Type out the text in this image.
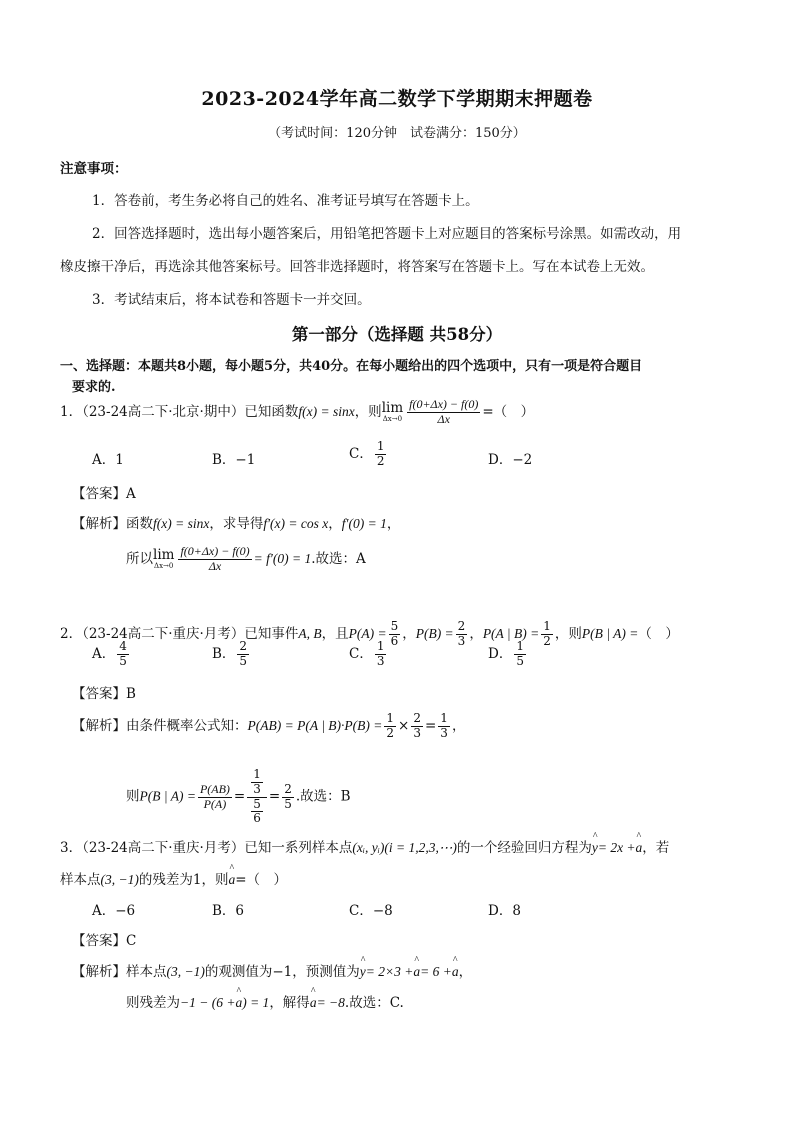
2023-2024学年高二数学下学期期末押题卷
（考试时间：120分钟　试卷满分：150分）
注意事项：
1．答卷前，考生务必将自己的姓名、准考证号填写在答题卡上。
2．回答选择题时，选出每小题答案后，用铅笔把答题卡上对应题目的答案标号涂黑。如需改动，用
橡皮擦干净后，再选涂其他答案标号。回答非选择题时，将答案写在答题卡上。写在本试卷上无效。
3．考试结束后，将本试卷和答题卡一并交回。
第一部分（选择题 共58分）
一、选择题：本题共8小题，每小题5分，共40分。在每小题给出的四个选项中，只有一项是符合题目
要求的.
1．（23-24高二下·北京·期中）已知函数f(x) = sinx，则 lim
$\Delta x\to 0 \frac{f(0+\Delta x) - f(0)}{\Delta x}$ =（　）
A．1	B．−1	C． $\frac{1}{2}$	D．−2
【答案】A
【解析】函数f(x) = sinx，求导得f′(x) = cos x，f′(0) = 1，
所以 lim
$\Delta x\to 0 \frac{f(0+\Delta x) - f(0)}{\Delta x} = f'(0) = 1$.故选：A
2．（23-24高二下·重庆·月考）已知事件A, B，且$P(A) = \frac{5}{6}$ ，$P(B) = \frac{2}{3}$ ，P(A | $B) = \frac{1}{2}$ ，则P(B | A) =（　）
A． $\frac{4}{5}$	B． $\frac{2}{5}$	C． $\frac{1}{3}$	D． $\frac{1}{5}$
【答案】B
【解析】由条件概率公式知：P(AB) = P(A | $B)\cdot P(B) = \frac{1}{2} \times \frac{2}{3} = \frac{1}{3}$ ，
则P(B | $A) = \frac{P(AB)}{P(A)} = \frac{\frac{1}{3}}{\frac{5}{6}} = \frac{2}{5}$ .故选：B
3．（23-24高二下·重庆·月考）已知一系列样本点(xᵢ, yᵢ)(i = 1,2,3,⋯)的一个经验回归方程为^ y= 2x +^ a，若
样本点(3, −1)的残差为1，则^ a=（　）
A．−6	B．6	C．−8	D．8
【答案】C
【解析】样本点(3, −1)的观测值为−1，预测值为^ y= 2×3 +^ a= 6 +^ a，
则残差为−1 − (6 +^ a) = 1，解得^ a= −8.故选：C.
